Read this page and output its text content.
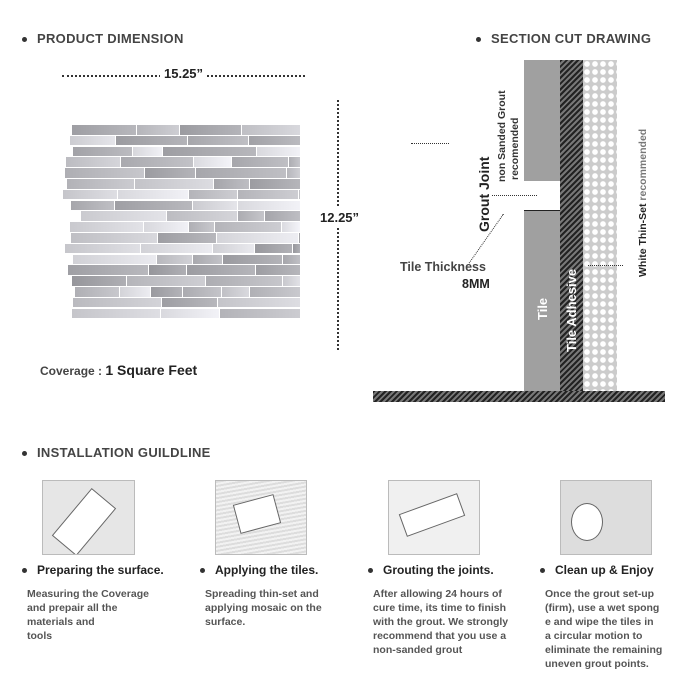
PRODUCT DIMENSION
15.25”
12.25”
Coverage : 1 Square Feet
SECTION CUT DRAWING
Grout Joint
non Sanded Grout recomended
Tile Thickness
8MM
Tile Tile Adhesive
White Thin-Set recommended
INSTALLATION GUILDLINE
Preparing the surface.
Measuring the Coverage
and prepair all the
materials and
tools
Applying the tiles.
Spreading thin-set and
applying mosaic on the
surface.
Grouting the joints.
After allowing 24 hours of
cure time, its time to finish
with the grout. We strongly
recommend that you use a
non-sanded grout
Clean up & Enjoy
Once the grout set-up
(firm), use a wet spong
e and wipe the tiles in
a circular motion to
eliminate the remaining
uneven grout points.
